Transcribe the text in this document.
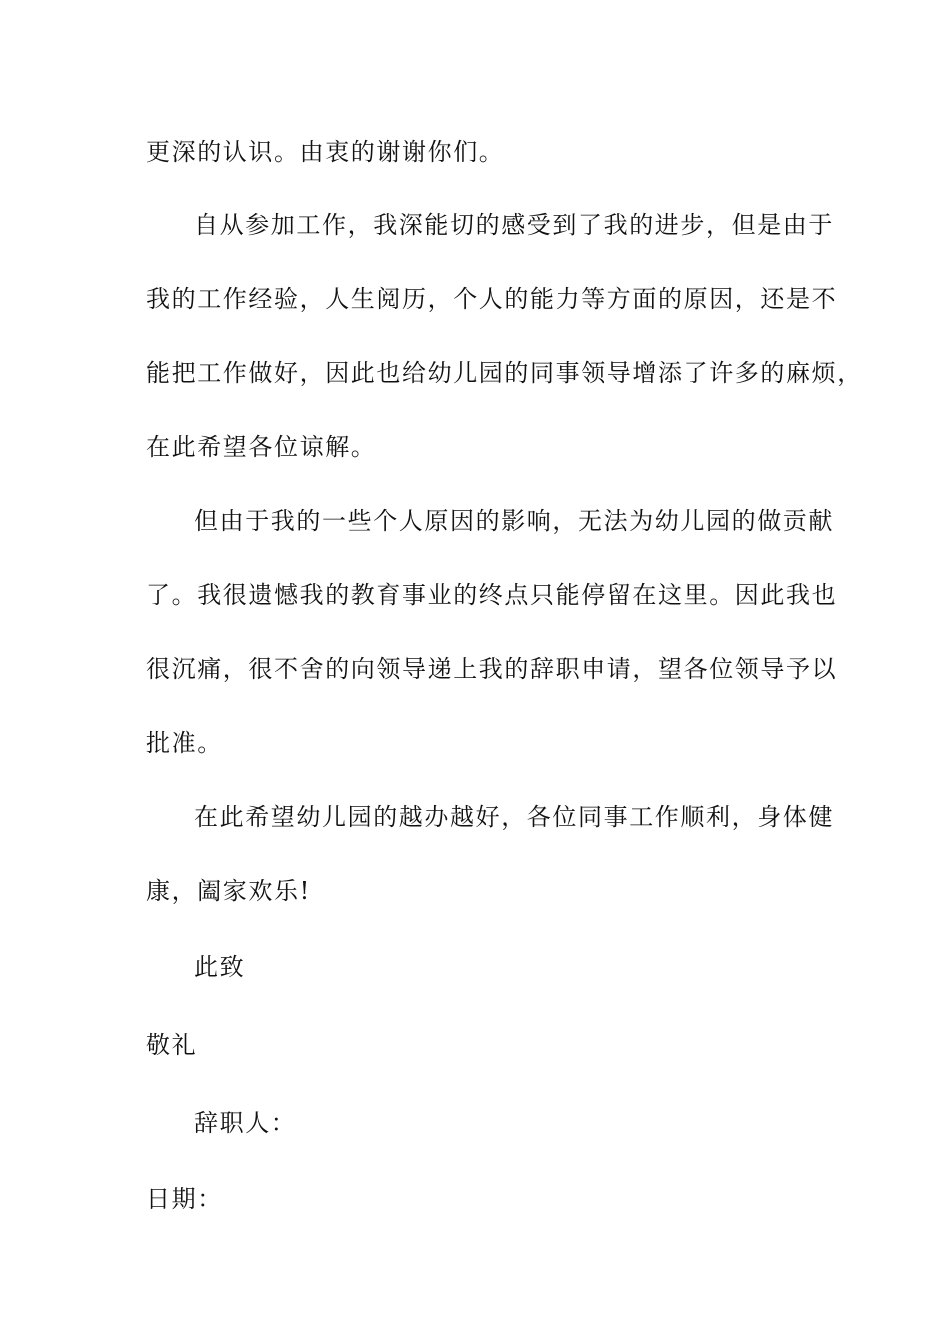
更深的认识。由衷的谢谢你们。
自从参加工作，我深能切的感受到了我的进步，但是由于
我的工作经验，人生阅历，个人的能力等方面的原因，还是不
能把工作做好，因此也给幼儿园的同事领导增添了许多的麻烦，
在此希望各位谅解。
但由于我的一些个人原因的影响，无法为幼儿园的做贡献
了。我很遗憾我的教育事业的终点只能停留在这里。因此我也
很沉痛，很不舍的向领导递上我的辞职申请，望各位领导予以
批准。
在此希望幼儿园的越办越好，各位同事工作顺利，身体健
康，阖家欢乐!
此致
敬礼
辞职人：
日期：
